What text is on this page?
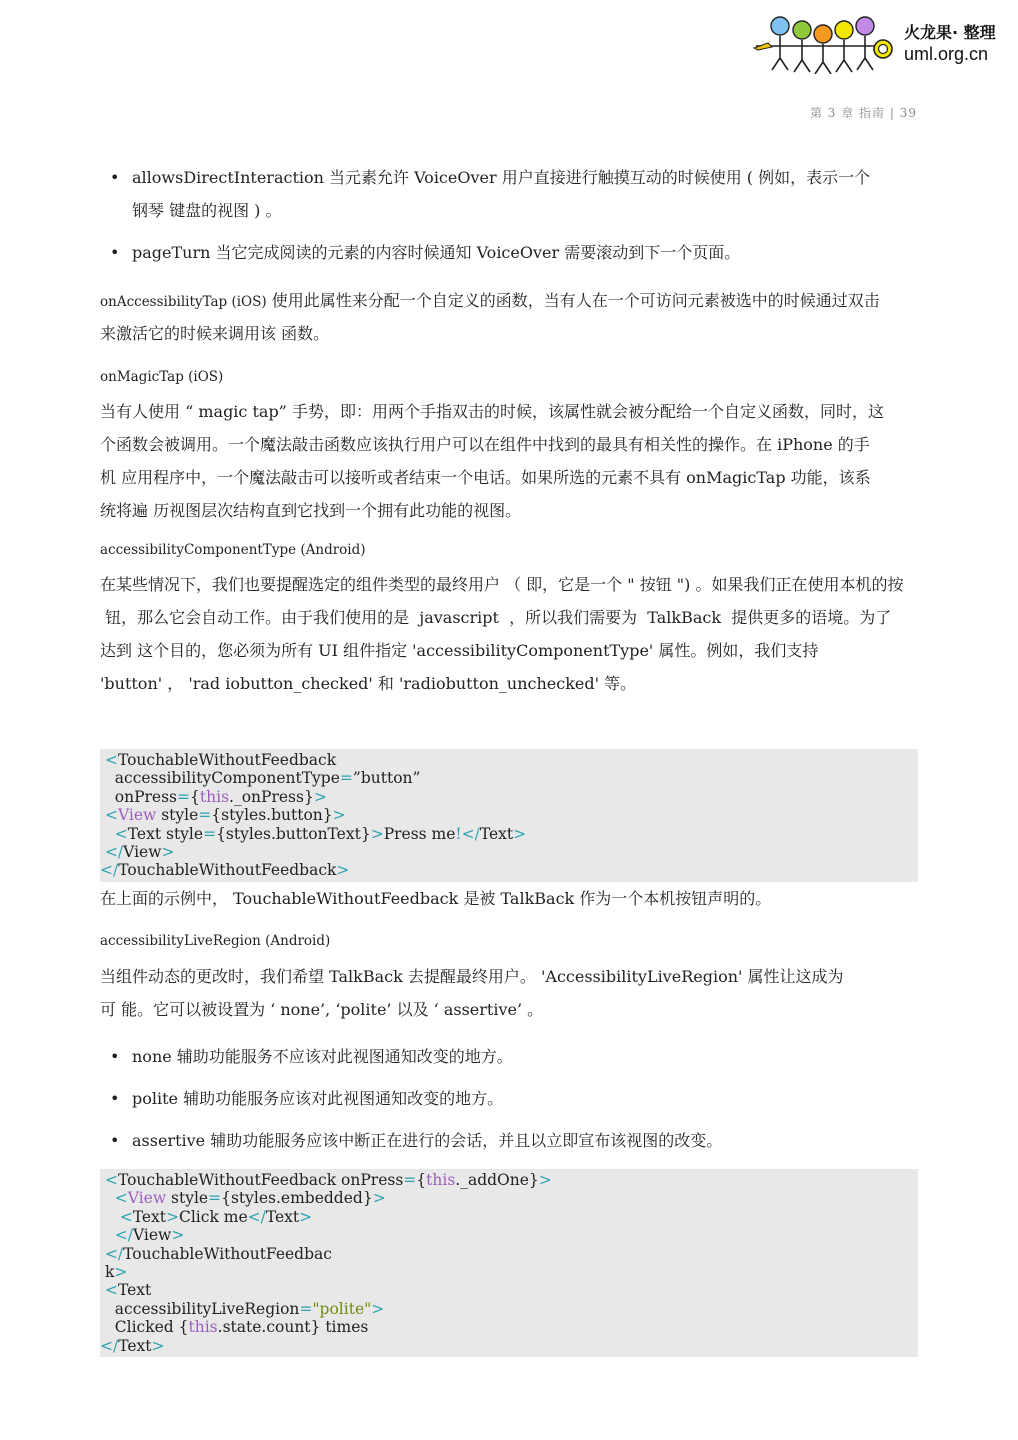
火龙果· 整理
uml.org.cn
第 3 章 指南 | 39
• allowsDirectInteraction 当元素允许 VoiceOver 用户直接进行触摸互动的时候使用 ( 例如，表示一个
钢琴 键盘的视图 ) 。
• pageTurn 当它完成阅读的元素的内容时候通知 VoiceOver 需要滚动到下一个页面。
onAccessibilityTap (iOS) 使用此属性来分配一个自定义的函数，当有人在一个可访问元素被选中的时候通过双击
来激活它的时候来调用该 函数。
onMagicTap (iOS)
当有人使用 “ magic tap” 手势，即：用两个手指双击的时候，该属性就会被分配给一个自定义函数，同时，这
个函数会被调用。一个魔法敲击函数应该执行用户可以在组件中找到的最具有相关性的操作。在 iPhone 的手
机 应用程序中，一个魔法敲击可以接听或者结束一个电话。如果所选的元素不具有 onMagicTap 功能，该系
统将遍 历视图层次结构直到它找到一个拥有此功能的视图。
accessibilityComponentType (Android)
在某些情况下，我们也要提醒选定的组件类型的最终用户 （ 即，它是一个 " 按钮 ") 。如果我们正在使用本机的按
钮，那么它会自动工作。由于我们使用的是  javascript  ，所以我们需要为  TalkBack  提供更多的语境。为了
达到 这个目的，您必须为所有 UI 组件指定 'accessibilityComponentType' 属性。例如，我们支持
'button' ， 'rad iobutton_checked' 和 'radiobutton_unchecked' 等。
<TouchableWithoutFeedback
accessibilityComponentType=”button”
onPress={this._onPress}>
<View style={styles.button}>
<Text style={styles.buttonText}>Press me!</Text>
</View>
</TouchableWithoutFeedback>
在上面的示例中， TouchableWithoutFeedback 是被 TalkBack 作为一个本机按钮声明的。
accessibilityLiveRegion (Android)
当组件动态的更改时，我们希望 TalkBack 去提醒最终用户。 'AccessibilityLiveRegion' 属性让这成为
可 能。它可以被设置为 ‘ none’, ‘polite’ 以及 ‘ assertive’ 。
• none 辅助功能服务不应该对此视图通知改变的地方。
• polite 辅助功能服务应该对此视图通知改变的地方。
• assertive 辅助功能服务应该中断正在进行的会话，并且以立即宣布该视图的改变。
<TouchableWithoutFeedback onPress={this._addOne}>
<View style={styles.embedded}>
<Text>Click me</Text>
</View>
</TouchableWithoutFeedbac
k>
<Text
accessibilityLiveRegion="polite">
Clicked {this.state.count} times
</Text>
